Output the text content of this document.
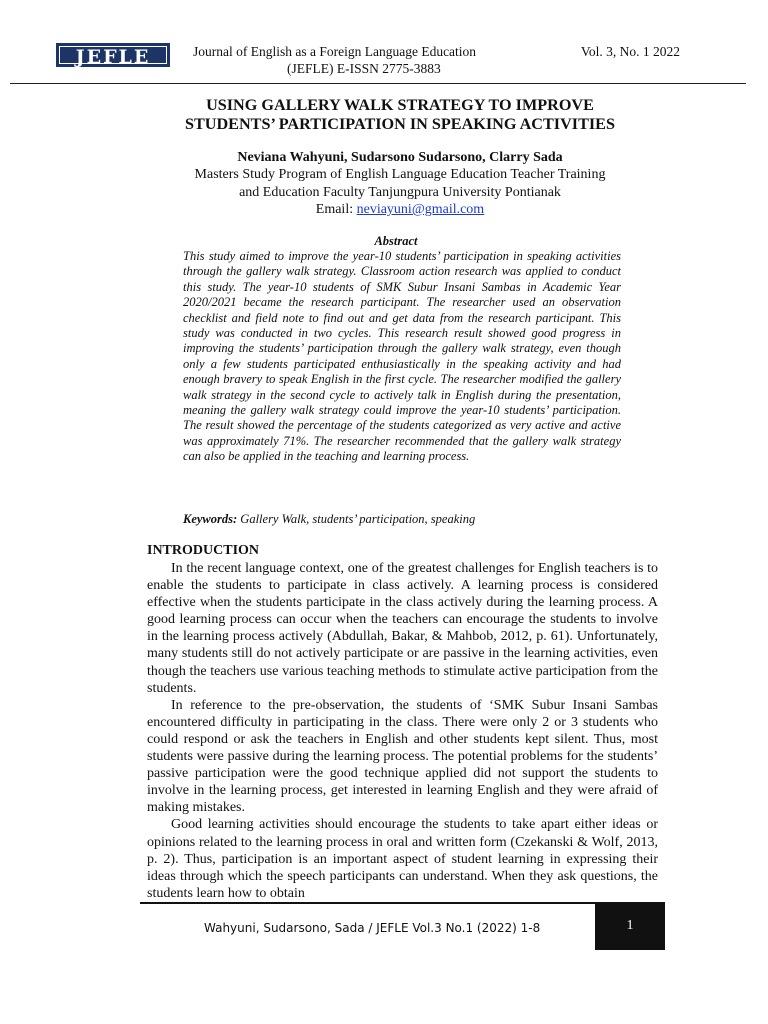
JEFLE	Journal of English as a Foreign Language Education
(JEFLE) E-ISSN 2775-3883
Vol. 3, No. 1 2022
USING GALLERY WALK STRATEGY TO IMPROVE
STUDENTS’ PARTICIPATION IN SPEAKING ACTIVITIES
Neviana Wahyuni, Sudarsono Sudarsono, Clarry Sada
Masters Study Program of English Language Education Teacher Training
and Education Faculty Tanjungpura University Pontianak
Email: neviayuni@gmail.com
Abstract

This study aimed to improve the year-10 students’ participation in speaking activities through the gallery walk strategy. Classroom action research was applied to conduct this study. The year-10 students of SMK Subur Insani Sambas in Academic Year 2020/2021 became the research participant. The researcher used an observation checklist and field note to find out and get data from the research participant. This study was conducted in two cycles. This research result showed good progress in improving the students’ participation through the gallery walk strategy, even though only a few students participated enthusiastically in the speaking activity and had enough bravery to speak English in the first cycle. The researcher modified the gallery walk strategy in the second cycle to actively talk in English during the presentation, meaning the gallery walk strategy could improve the year-10 students’ participation. The result showed the percentage of the students categorized as very active and active was approximately 71%. The researcher recommended that the gallery walk strategy can also be applied in the teaching and learning process.

Keywords: Gallery Walk, students’ participation, speaking
INTRODUCTION

In the recent language context, one of the greatest challenges for English teachers is to enable the students to participate in class actively. A learning process is considered effective when the students participate in the class actively during the learning process. A good learning process can occur when the teachers can encourage the students to involve in the learning process actively (Abdullah, Bakar, & Mahbob, 2012, p. 61). Unfortunately, many students still do not actively participate or are passive in the learning activities, even though the teachers use various teaching methods to stimulate active participation from the students.

In reference to the pre-observation, the students of ‘SMK Subur Insani Sambas encountered difficulty in participating in the class. There were only 2 or 3 students who could respond or ask the teachers in English and other students kept silent. Thus, most students were passive during the learning process. The potential problems for the students’ passive participation were the good technique applied did not support the students to involve in the learning process, get interested in learning English and they were afraid of making mistakes.

Good learning activities should encourage the students to take apart either ideas or opinions related to the learning process in oral and written form (Czekanski & Wolf, 2013, p. 2). Thus, participation is an important aspect of student learning in expressing their ideas through which the speech participants can understand. When they ask questions, the students learn how to obtain

Wahyuni, Sudarsono, Sada / JEFLE Vol.3 No.1 (2022) 1-8	1
